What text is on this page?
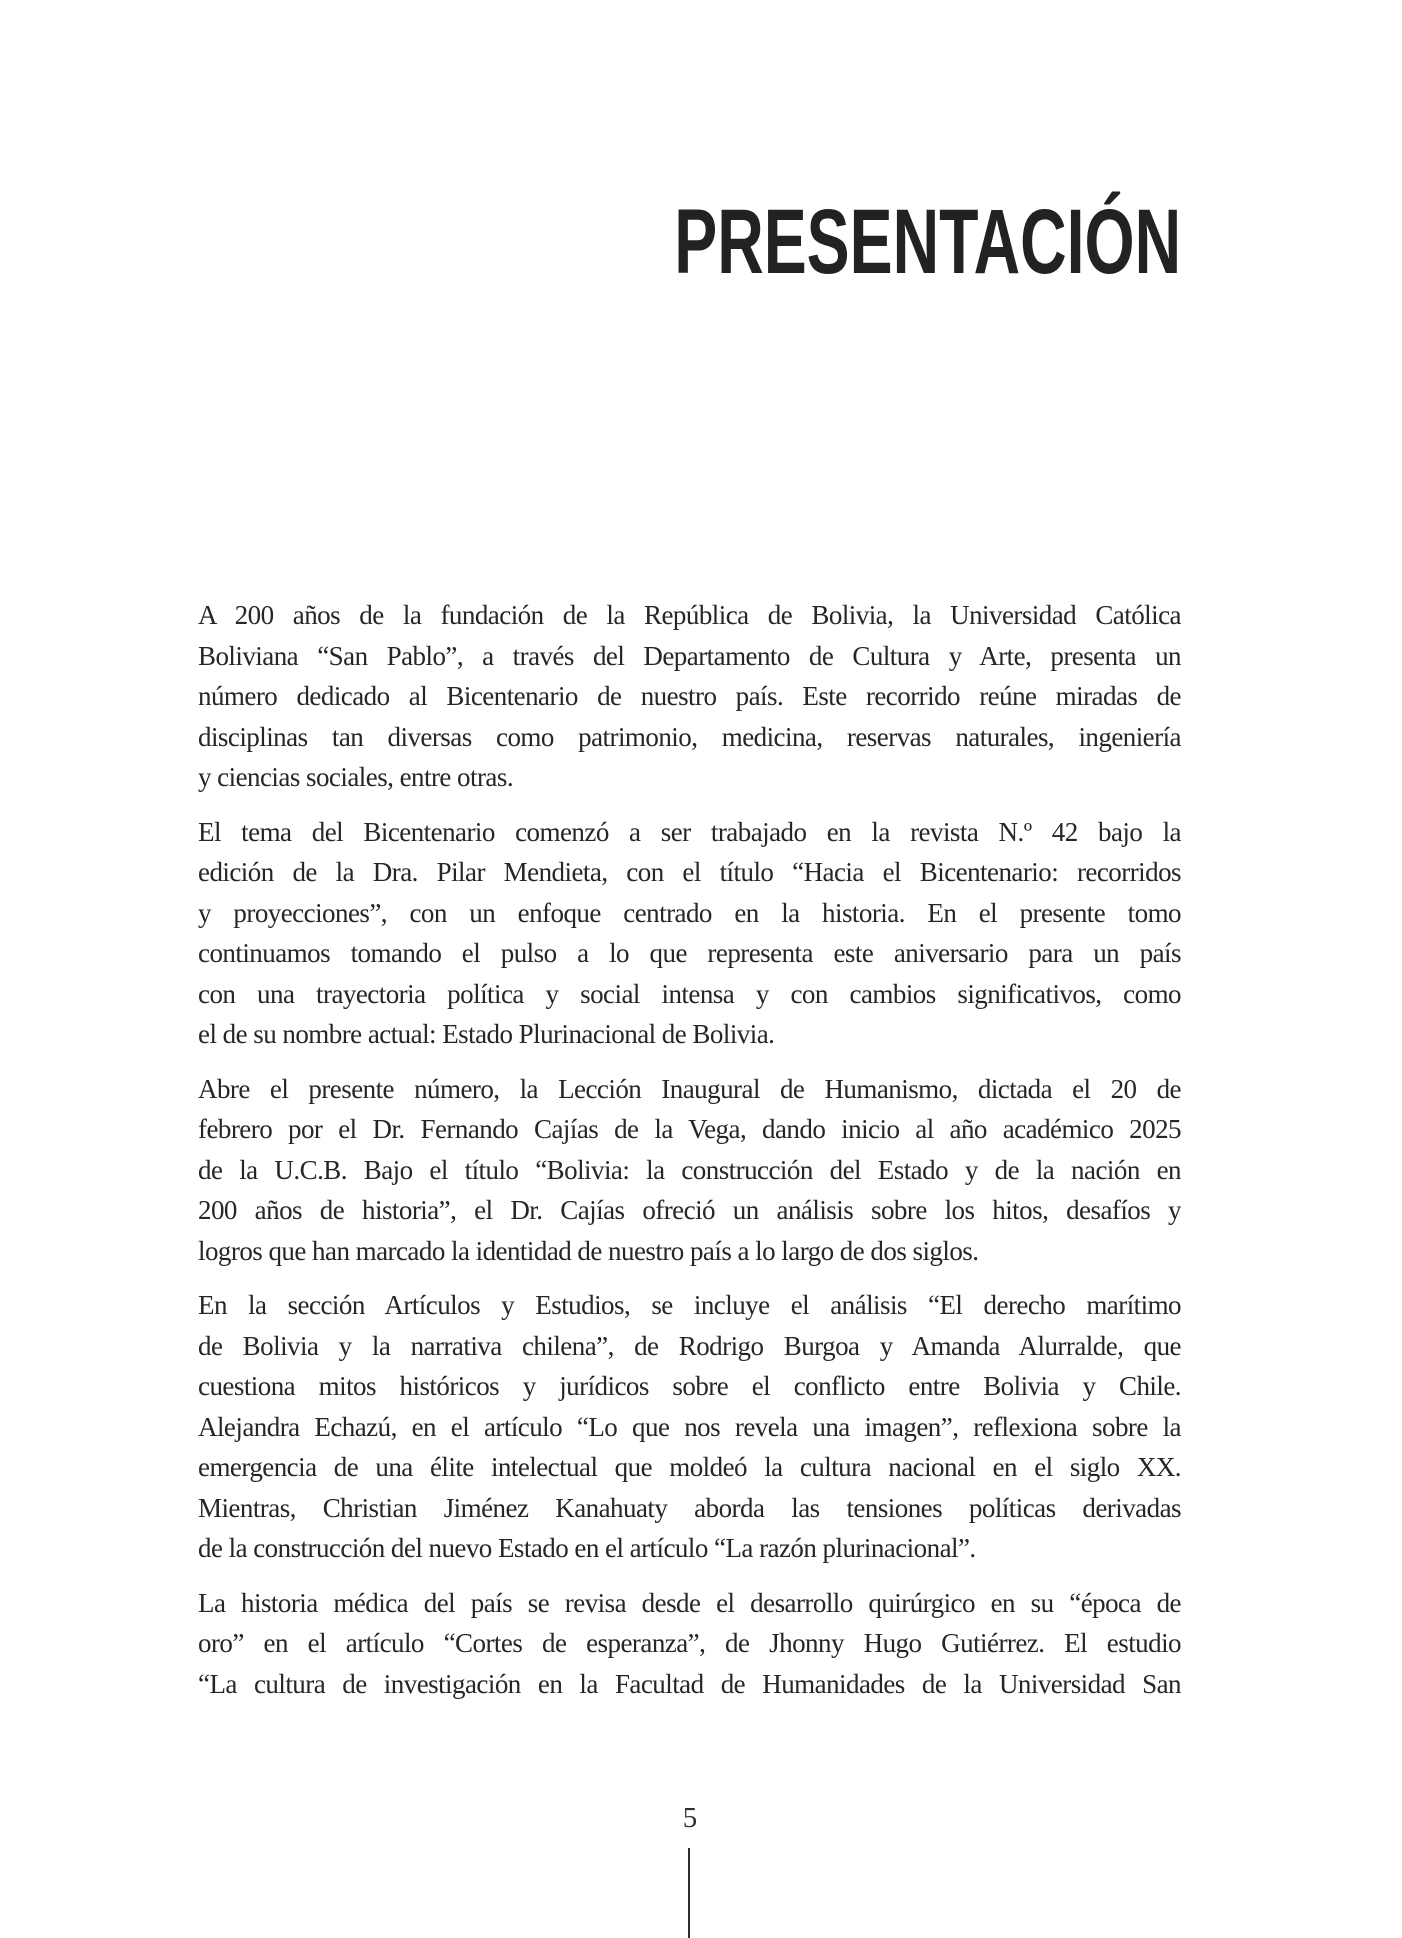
PRESENTACIÓN
A 200 años de la fundación de la República de Bolivia, la Universidad Católica
Boliviana “San Pablo”, a través del Departamento de Cultura y Arte, presenta un
número dedicado al Bicentenario de nuestro país. Este recorrido reúne miradas de
disciplinas tan diversas como patrimonio, medicina, reservas naturales, ingeniería
y ciencias sociales, entre otras.
El tema del Bicentenario comenzó a ser trabajado en la revista N.º 42 bajo la
edición de la Dra. Pilar Mendieta, con el título “Hacia el Bicentenario: recorridos
y proyecciones”, con un enfoque centrado en la historia. En el presente tomo
continuamos tomando el pulso a lo que representa este aniversario para un país
con una trayectoria política y social intensa y con cambios significativos, como
el de su nombre actual: Estado Plurinacional de Bolivia.
Abre el presente número, la Lección Inaugural de Humanismo, dictada el 20 de
febrero por el Dr. Fernando Cajías de la Vega, dando inicio al año académico 2025
de la U.C.B. Bajo el título “Bolivia: la construcción del Estado y de la nación en
200 años de historia”, el Dr. Cajías ofreció un análisis sobre los hitos, desafíos y
logros que han marcado la identidad de nuestro país a lo largo de dos siglos.
En la sección Artículos y Estudios, se incluye el análisis “El derecho marítimo
de Bolivia y la narrativa chilena”, de Rodrigo Burgoa y Amanda Alurralde, que
cuestiona mitos históricos y jurídicos sobre el conflicto entre Bolivia y Chile.
Alejandra Echazú, en el artículo “Lo que nos revela una imagen”, reflexiona sobre la
emergencia de una élite intelectual que moldeó la cultura nacional en el siglo XX.
Mientras, Christian Jiménez Kanahuaty aborda las tensiones políticas derivadas
de la construcción del nuevo Estado en el artículo “La razón plurinacional”.
La historia médica del país se revisa desde el desarrollo quirúrgico en su “época de
oro” en el artículo “Cortes de esperanza”, de Jhonny Hugo Gutiérrez. El estudio
“La cultura de investigación en la Facultad de Humanidades de la Universidad San
5
